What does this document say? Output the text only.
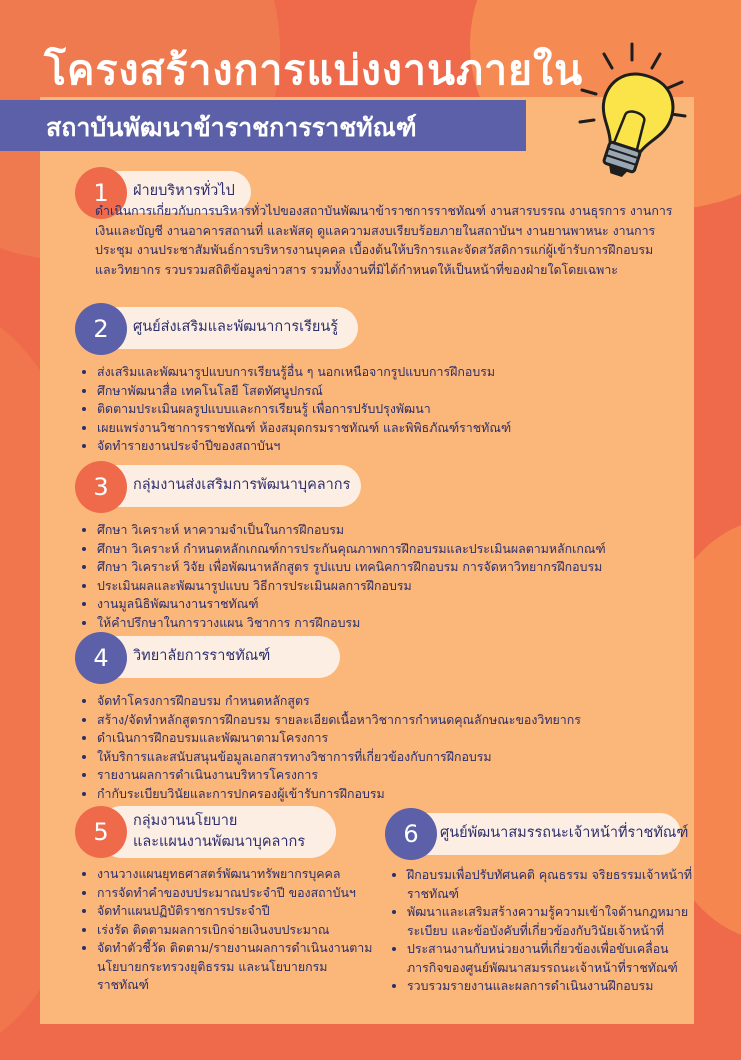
โครงสร้างการแบ่งงานภายใน
สถาบันพัฒนาข้าราชการราชทัณฑ์
1	ฝ่ายบริหารทั่วไป

ดำเนินการเกี่ยวกับการบริหารทั่วไปของสถาบันพัฒนาข้าราชการราชทัณฑ์ งานสารบรรณ งานธุรการ งานการเงินและบัญชี งานอาคารสถานที่ และพัสดุ ดูแลความสงบเรียบร้อยภายในสถาบันฯ งานยานพาหนะ งานการประชุม งานประชาสัมพันธ์การบริหารงานบุคคล เบื้องต้นให้บริการและจัดสวัสดิการแก่ผู้เข้ารับการฝึกอบรมและวิทยากร รวบรวมสถิติข้อมูลข่าวสาร รวมทั้งงานที่มิได้กำหนดให้เป็นหน้าที่ของฝ่ายใดโดยเฉพาะ

2	ศูนย์ส่งเสริมและพัฒนาการเรียนรู้
• ส่งเสริมและพัฒนารูปแบบการเรียนรู้อื่น ๆ นอกเหนือจากรูปแบบการฝึกอบรม
• ศึกษาพัฒนาสื่อ เทคโนโลยี โสตทัศนูปกรณ์
• ติดตามประเมินผลรูปแบบและการเรียนรู้ เพื่อการปรับปรุงพัฒนา
• เผยแพร่งานวิชาการราชทัณฑ์ ห้องสมุดกรมราชทัณฑ์ และพิพิธภัณฑ์ราชทัณฑ์
• จัดทำรายงานประจำปีของสถาบันฯ
3	กลุ่มงานส่งเสริมการพัฒนาบุคลากร
• ศึกษา วิเคราะห์ หาความจำเป็นในการฝึกอบรม
• ศึกษา วิเคราะห์ กำหนดหลักเกณฑ์การประกันคุณภาพการฝึกอบรมและประเมินผลตามหลักเกณฑ์
• ศึกษา วิเคราะห์ วิจัย เพื่อพัฒนาหลักสูตร รูปแบบ เทคนิคการฝึกอบรม การจัดหาวิทยากรฝึกอบรม
• ประเมินผลและพัฒนารูปแบบ วิธีการประเมินผลการฝึกอบรม
• งานมูลนิธิพัฒนางานราชทัณฑ์
• ให้คำปรึกษาในการวางแผน วิชาการ การฝึกอบรม
4	วิทยาลัยการราชทัณฑ์
• จัดทำโครงการฝึกอบรม กำหนดหลักสูตร
• สร้าง/จัดทำหลักสูตรการฝึกอบรม รายละเอียดเนื้อหาวิชาการกำหนดคุณลักษณะของวิทยากร
• ดำเนินการฝึกอบรมและพัฒนาตามโครงการ
• ให้บริการและสนับสนุนข้อมูลเอกสารทางวิชาการที่เกี่ยวข้องกับการฝึกอบรม
• รายงานผลการดำเนินงานบริหารโครงการ
• กำกับระเบียบวินัยและการปกครองผู้เข้ารับการฝึกอบรม
5	กลุ่มงานนโยบาย
และแผนงานพัฒนาบุคลากร
• งานวางแผนยุทธศาสตร์พัฒนาทรัพยากรบุคคล
• การจัดทำคำของบประมาณประจำปี ของสถาบันฯ
• จัดทำแผนปฏิบัติราชการประจำปี
• เร่งรัด ติดตามผลการเบิกจ่ายเงินงบประมาณ
• จัดทำตัวชี้วัด ติดตาม/รายงานผลการดำเนินงานตามนโยบายกระทรวงยุติธรรม และนโยบายกรมราชทัณฑ์
6	ศูนย์พัฒนาสมรรถนะเจ้าหน้าที่ราชทัณฑ์
• ฝึกอบรมเพื่อปรับทัศนคติ คุณธรรม จริยธรรมเจ้าหน้าที่ราชทัณฑ์
• พัฒนาและเสริมสร้างความรู้ความเข้าใจด้านกฎหมาย ระเบียบ และข้อบังคับที่เกี่ยวข้องกับวินัยเจ้าหน้าที่
• ประสานงานกับหน่วยงานที่เกี่ยวข้องเพื่อขับเคลื่อนภารกิจของศูนย์พัฒนาสมรรถนะเจ้าหน้าที่ราชทัณฑ์
• รวบรวมรายงานและผลการดำเนินงานฝึกอบรม
